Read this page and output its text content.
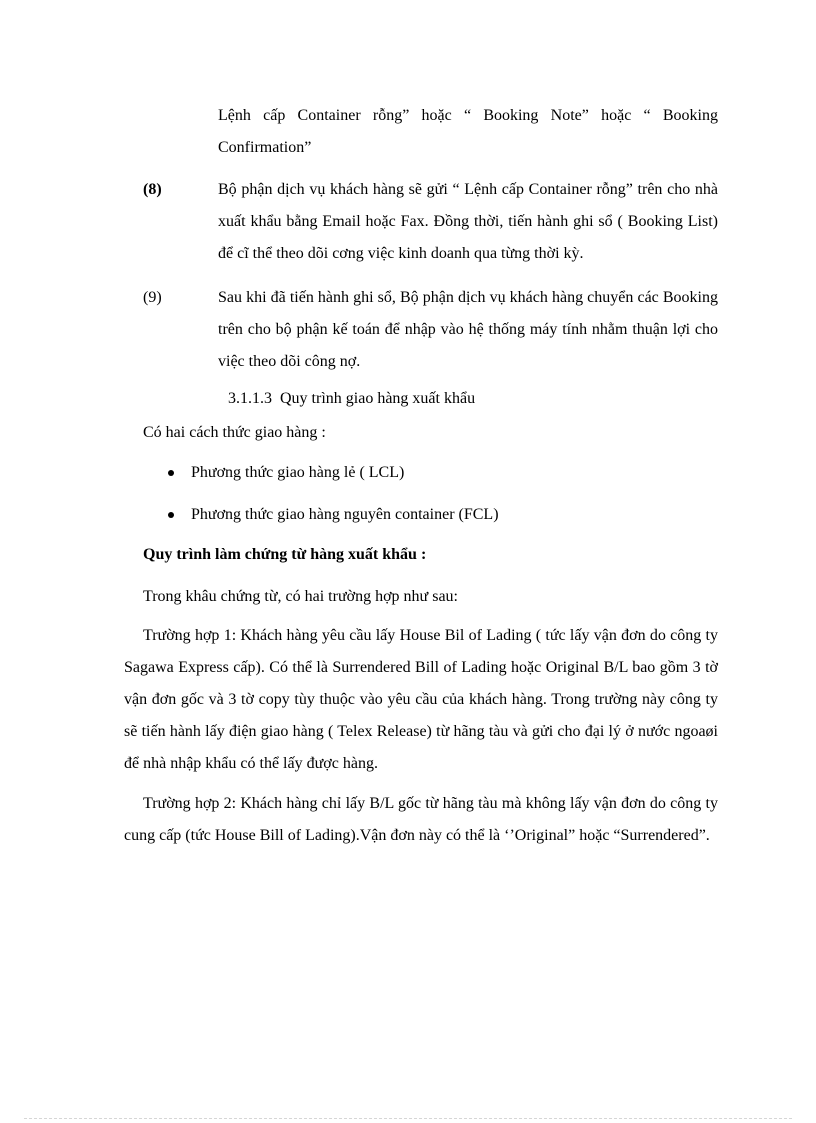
Lệnh cấp Container rỗng” hoặc “ Booking Note” hoặc “ Booking Confirmation”
(8)	Bộ phận dịch vụ khách hàng sẽ gửi “ Lệnh cấp Container rỗng” trên cho nhà xuất khẩu bằng Email hoặc Fax. Đồng thời, tiến hành ghi sổ ( Booking List) để cĩ thể theo dõi cơng việc kinh doanh qua từng thời kỳ.
(9)	Sau khi đã tiến hành ghi sổ, Bộ phận dịch vụ khách hàng chuyển các Booking trên cho bộ phận kế toán để nhập vào hệ thống máy tính nhằm thuận lợi cho việc theo dõi công nợ.
3.1.1.3 Quy trình giao hàng xuất khẩu
Có hai cách thức giao hàng :
Phương thức giao hàng lẻ ( LCL)
Phương thức giao hàng nguyên container (FCL)
Quy trình làm chứng từ hàng xuất khẩu :
Trong khâu chứng từ, có hai trường hợp như sau:
Trường hợp 1: Khách hàng yêu cầu lấy House Bil of Lading ( tức lấy vận đơn do công ty Sagawa Express cấp). Có thể là Surrendered Bill of Lading hoặc Original B/L bao gồm 3 tờ vận đơn gốc và 3 tờ copy tùy thuộc vào yêu cầu của khách hàng. Trong trường này công ty sẽ tiến hành lấy điện giao hàng ( Telex Release) từ hãng tàu và gửi cho đại lý ở nước ngoaøi để nhà nhập khẩu có thể lấy được hàng.
Trường hợp 2: Khách hàng chỉ lấy B/L gốc từ hãng tàu mà không lấy vận đơn do công ty cung cấp (tức House Bill of Lading).Vận đơn này có thể là ‘’Original” hoặc “Surrendered”.
